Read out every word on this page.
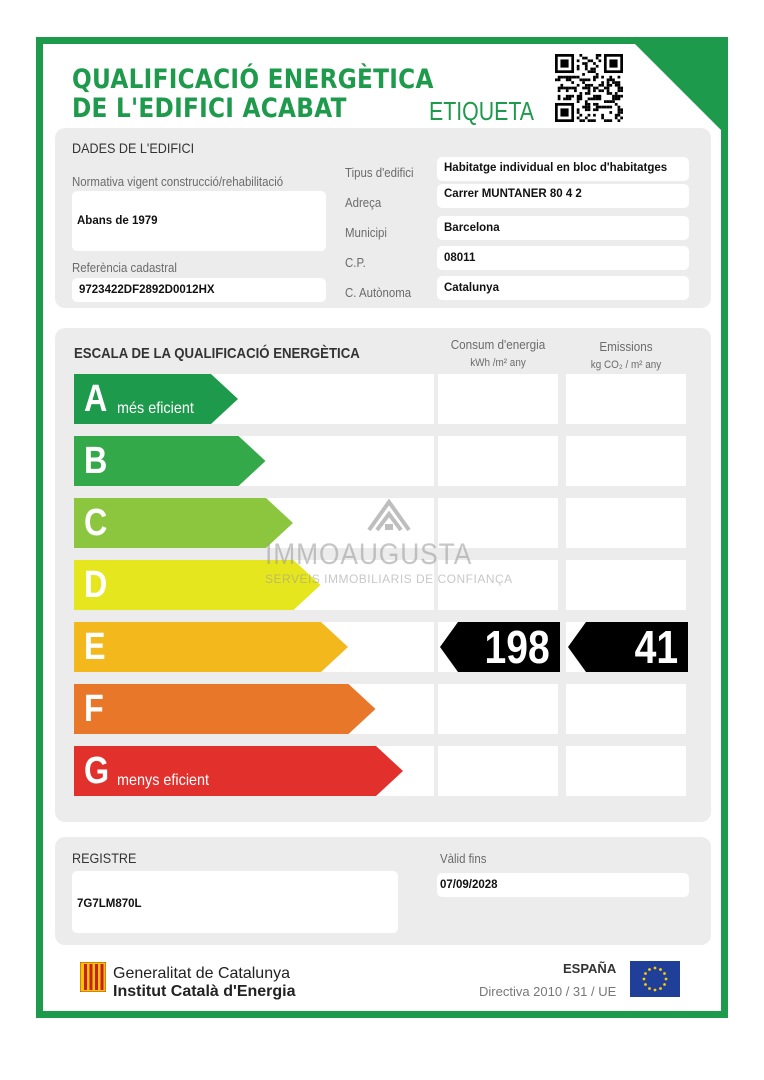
QUALIFICACIÓ ENERGÈTICA
DE L'EDIFICI ACABAT	ETIQUETA
DADES DE L'EDIFICI
Normativa vigent construcció/rehabilitació
Abans de 1979
Referència cadastral
9723422DF2892D0012HX
Tipus d'edifici	Habitatge individual en bloc d'habitatges
Adreça
Carrer MUNTANER 80 4 2
Municipi	Barcelona
C.P.	08011
C. Autònoma	Catalunya
ESCALA DE LA QUALIFICACIÓ ENERGÈTICA
Consum d'energia
kWh /m² any
Emissions
kg CO₂ / m² any
A més eficient
B
C
D
E	198 41
F
G menys eficient
IMMOAUGUSTA
SERVEIS IMMOBILIARIS DE CONFIANÇA
REGISTRE
7G7LM870L
Vàlid fins
07/09/2028
Generalitat de Catalunya
Institut Català d'Energia
ESPAÑA
Directiva 2010 / 31 / UE
